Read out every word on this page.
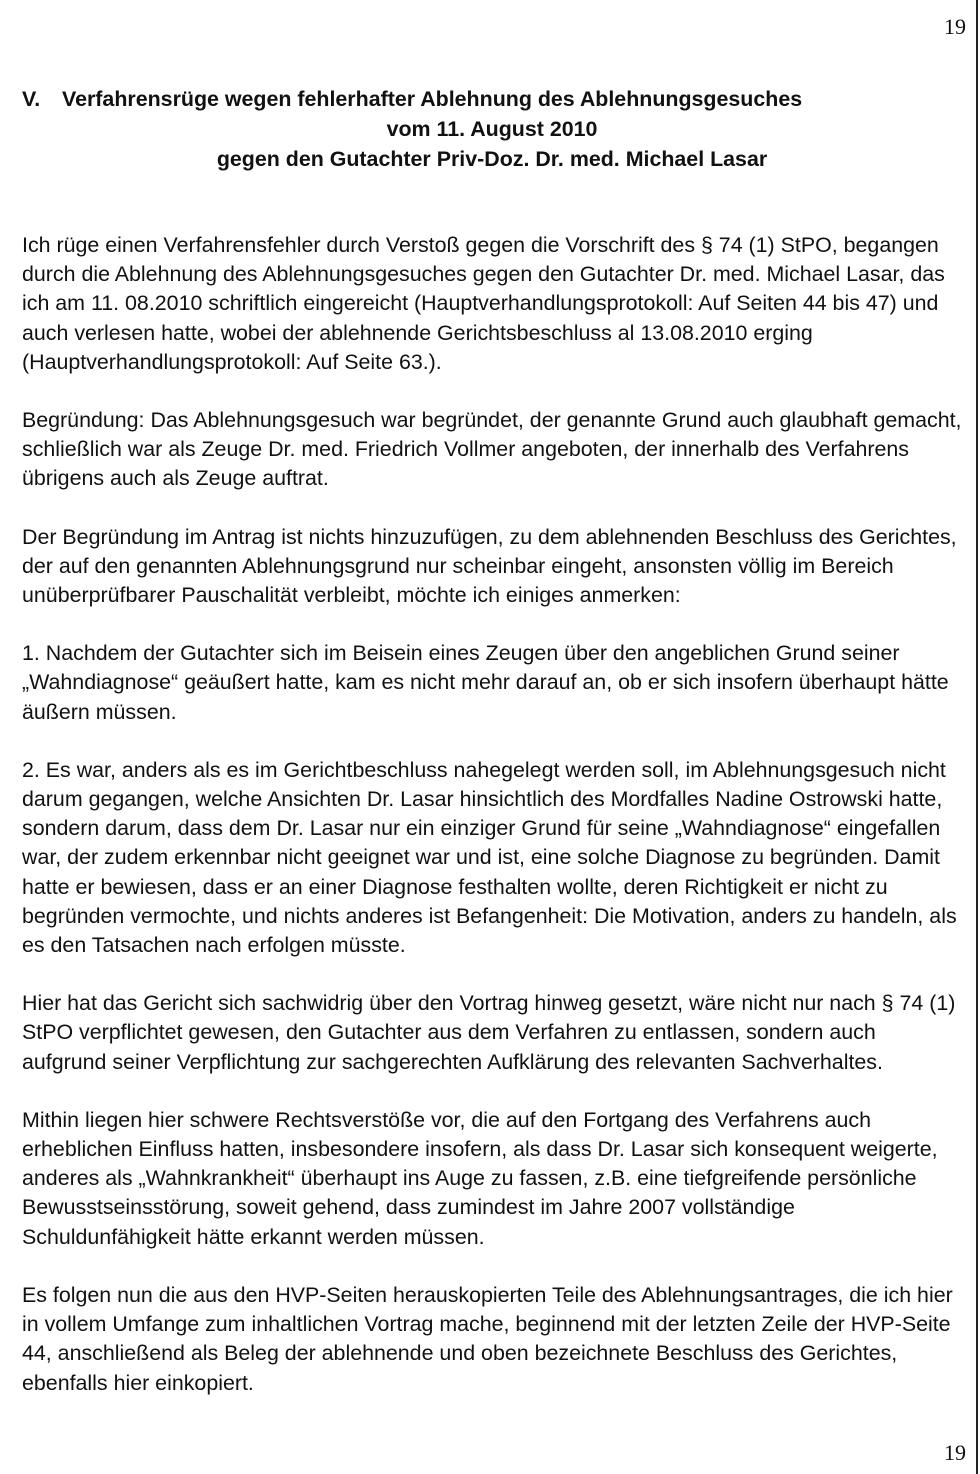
19
V. Verfahrensrüge wegen fehlerhafter Ablehnung des Ablehnungsgesuches
vom 11. August 2010
gegen den Gutachter Priv-Doz. Dr. med. Michael Lasar

Ich rüge einen Verfahrensfehler durch Verstoß gegen die Vorschrift des § 74 (1) StPO, begangen durch die Ablehnung des Ablehnungsgesuches gegen den Gutachter Dr. med. Michael Lasar, das ich am 11. 08.2010 schriftlich eingereicht (Hauptverhandlungsprotokoll: Auf Seiten 44 bis 47) und auch verlesen hatte, wobei der ablehnende Gerichtsbeschluss al 13.08.2010 erging (Hauptverhandlungsprotokoll: Auf Seite 63.).

Begründung: Das Ablehnungsgesuch war begründet, der genannte Grund auch glaubhaft gemacht, schließlich war als Zeuge Dr. med. Friedrich Vollmer angeboten, der innerhalb des Verfahrens übrigens auch als Zeuge auftrat.

Der Begründung im Antrag ist nichts hinzuzufügen, zu dem ablehnenden Beschluss des Gerichtes, der auf den genannten Ablehnungsgrund nur scheinbar eingeht, ansonsten völlig im Bereich unüberprüfbarer Pauschalität verbleibt, möchte ich einiges anmerken:

1. Nachdem der Gutachter sich im Beisein eines Zeugen über den angeblichen Grund seiner „Wahndiagnose“ geäußert hatte, kam es nicht mehr darauf an, ob er sich insofern überhaupt hätte äußern müssen.

2. Es war, anders als es im Gerichtbeschluss nahegelegt werden soll, im Ablehnungsgesuch nicht darum gegangen, welche Ansichten Dr. Lasar hinsichtlich des Mordfalles Nadine Ostrowski hatte, sondern darum, dass dem Dr. Lasar nur ein einziger Grund für seine „Wahndiagnose“ eingefallen war, der zudem erkennbar nicht geeignet war und ist, eine solche Diagnose zu begründen. Damit hatte er bewiesen, dass er an einer Diagnose festhalten wollte, deren Richtigkeit er nicht zu begründen vermochte, und nichts anderes ist Befangenheit: Die Motivation, anders zu handeln, als es den Tatsachen nach erfolgen müsste.

Hier hat das Gericht sich sachwidrig über den Vortrag hinweg gesetzt, wäre nicht nur nach § 74 (1) StPO verpflichtet gewesen, den Gutachter aus dem Verfahren zu entlassen, sondern auch aufgrund seiner Verpflichtung zur sachgerechten Aufklärung des relevanten Sachverhaltes.

Mithin liegen hier schwere Rechtsverstöße vor, die auf den Fortgang des Verfahrens auch erheblichen Einfluss hatten, insbesondere insofern, als dass Dr. Lasar sich konsequent weigerte, anderes als „Wahnkrankheit“ überhaupt ins Auge zu fassen, z.B. eine tiefgreifende persönliche Bewusstseinsstörung, soweit gehend, dass zumindest im Jahre 2007 vollständige Schuldunfähigkeit hätte erkannt werden müssen.

Es folgen nun die aus den HVP-Seiten herauskopierten Teile des Ablehnungsantrages, die ich hier in vollem Umfange zum inhaltlichen Vortrag mache, beginnend mit der letzten Zeile der HVP-Seite 44, anschließend als Beleg der ablehnende und oben bezeichnete Beschluss des Gerichtes, ebenfalls hier einkopiert.

19
